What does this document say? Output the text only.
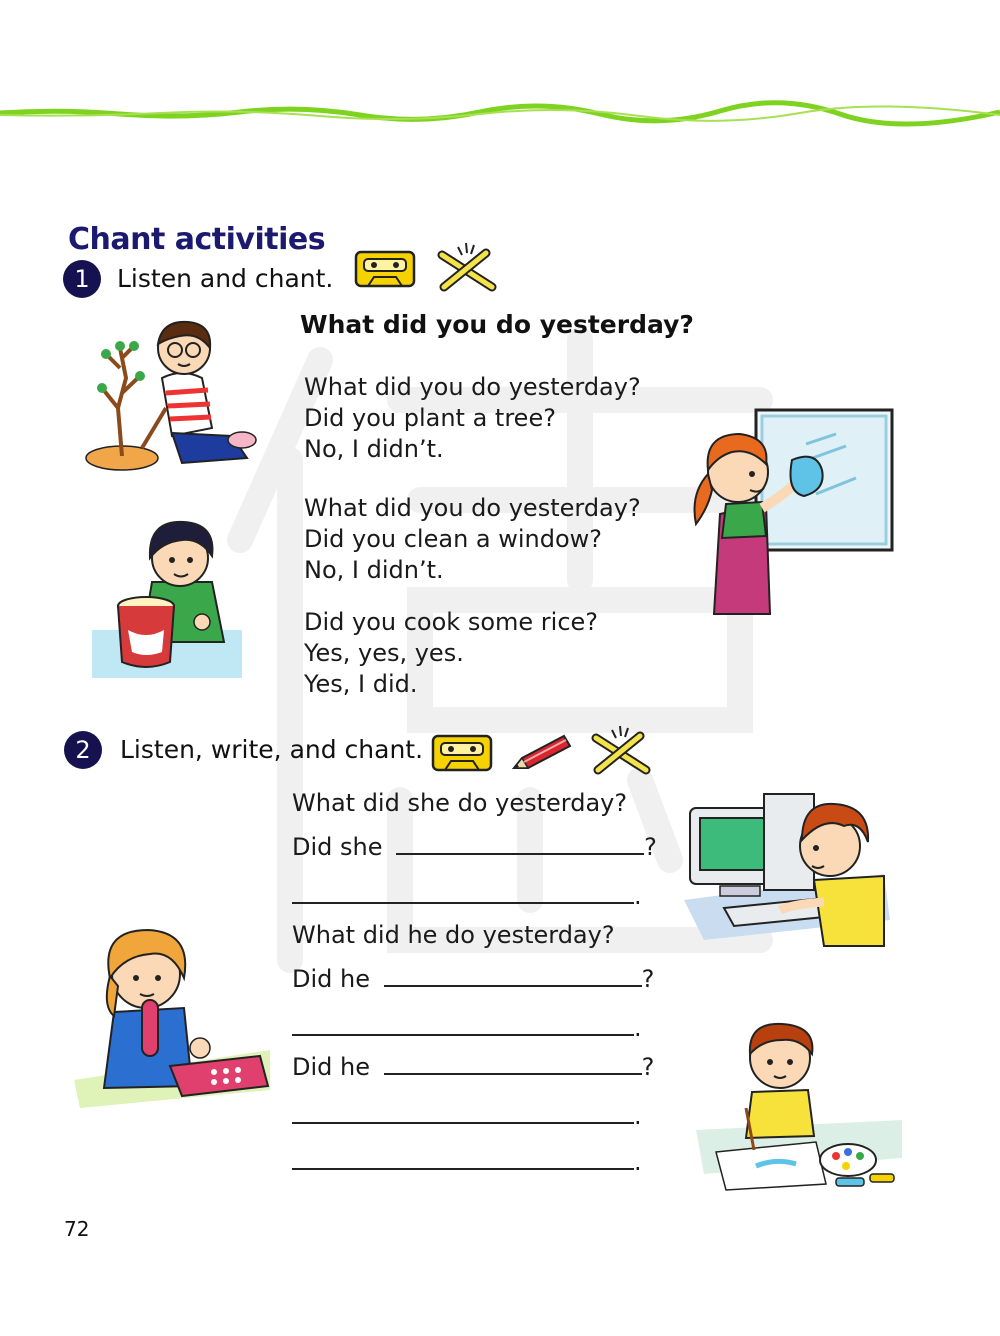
Chant activities
1	Listen and chant.
What did you do yesterday?
What did you do yesterday?
Did you plant a tree?
No, I didn’t.
What did you do yesterday?
Did you clean a window?
No, I didn’t.
Did you cook some rice?
Yes, yes, yes.
Yes, I did.
2	Listen, write, and chant.
What did she do yesterday?
Did she	?
.
What did he do yesterday?
Did he	?
.
Did he	?
.
.
72
